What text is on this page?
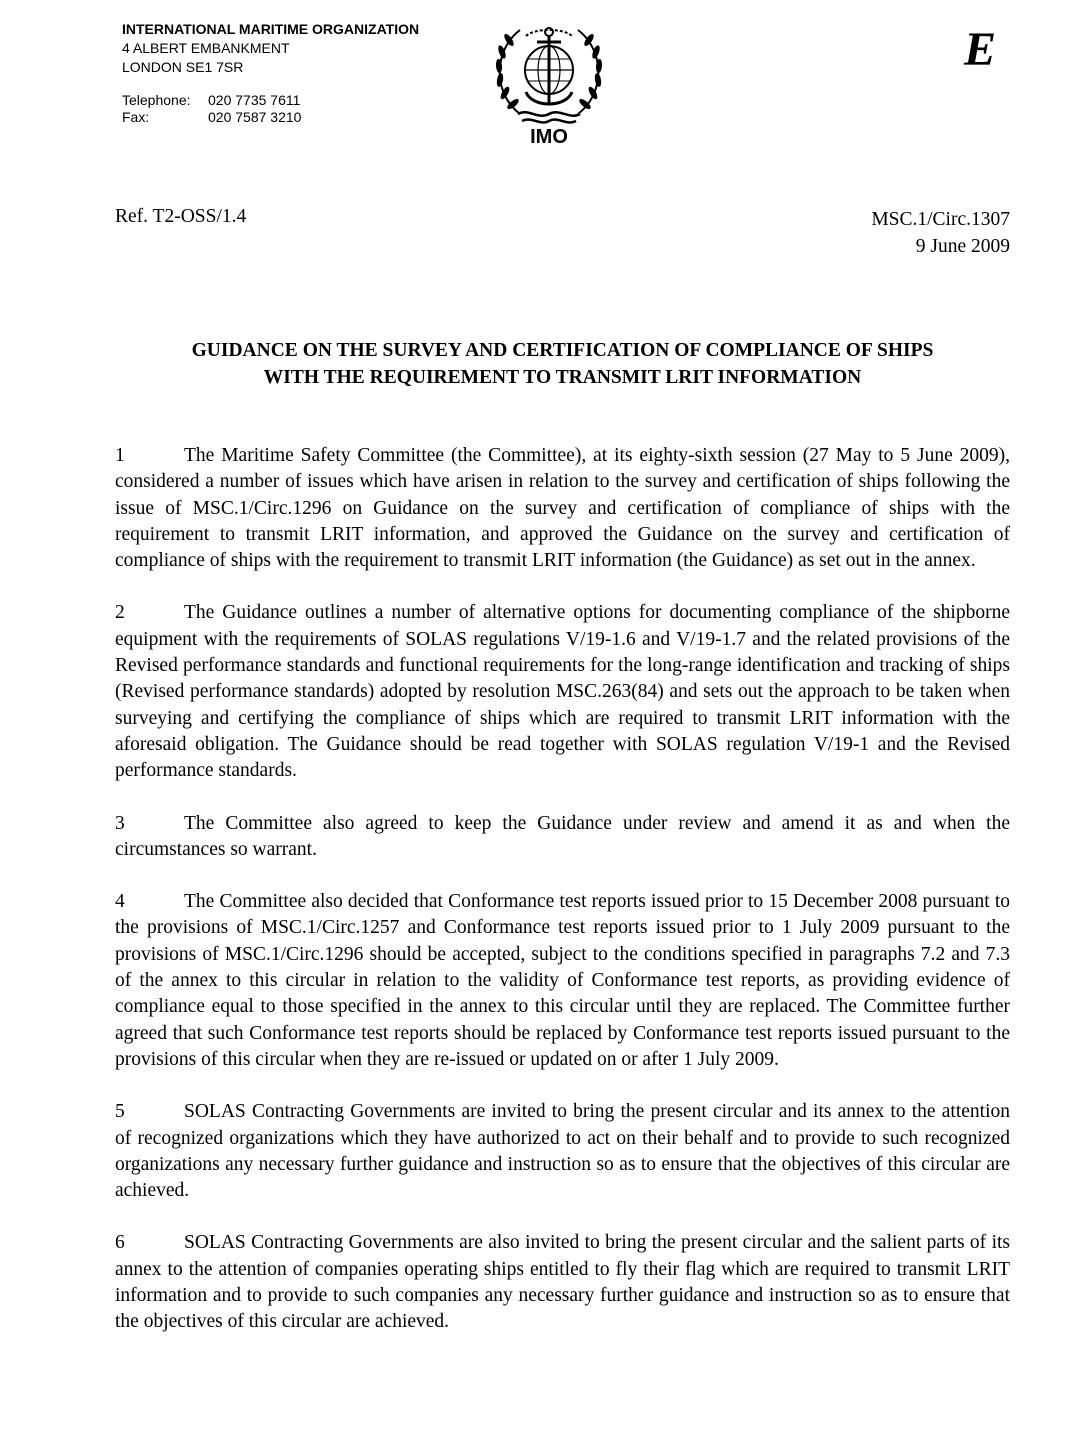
INTERNATIONAL MARITIME ORGANIZATION
4 ALBERT EMBANKMENT
LONDON SE1 7SR
Telephone:	020 7735 7611
Fax:	020 7587 3210
IMO
E
Ref. T2-OSS/1.4	MSC.1/Circ.1307
9 June 2009
GUIDANCE ON THE SURVEY AND CERTIFICATION OF COMPLIANCE OF SHIPS
WITH THE REQUIREMENT TO TRANSMIT LRIT INFORMATION

1	The Maritime Safety Committee (the Committee), at its eighty-sixth session (27 May to 5 June 2009), considered a number of issues which have arisen in relation to the survey and certification of ships following the issue of MSC.1/Circ.1296 on Guidance on the survey and certification of compliance of ships with the requirement to transmit LRIT information, and approved the Guidance on the survey and certification of compliance of ships with the requirement to transmit LRIT information (the Guidance) as set out in the annex.

2	The Guidance outlines a number of alternative options for documenting compliance of the shipborne equipment with the requirements of SOLAS regulations V/19-1.6 and V/19-1.7 and the related provisions of the Revised performance standards and functional requirements for the long-range identification and tracking of ships (Revised performance standards) adopted by resolution MSC.263(84) and sets out the approach to be taken when surveying and certifying the compliance of ships which are required to transmit LRIT information with the aforesaid obligation. The Guidance should be read together with SOLAS regulation V/19-1 and the Revised performance standards.

3	The Committee also agreed to keep the Guidance under review and amend it as and when the circumstances so warrant.

4	The Committee also decided that Conformance test reports issued prior to 15 December 2008 pursuant to the provisions of MSC.1/Circ.1257 and Conformance test reports issued prior to 1 July 2009 pursuant to the provisions of MSC.1/Circ.1296 should be accepted, subject to the conditions specified in paragraphs 7.2 and 7.3 of the annex to this circular in relation to the validity of Conformance test reports, as providing evidence of compliance equal to those specified in the annex to this circular until they are replaced. The Committee further agreed that such Conformance test reports should be replaced by Conformance test reports issued pursuant to the provisions of this circular when they are re-issued or updated on or after 1 July 2009.

5	SOLAS Contracting Governments are invited to bring the present circular and its annex to the attention of recognized organizations which they have authorized to act on their behalf and to provide to such recognized organizations any necessary further guidance and instruction so as to ensure that the objectives of this circular are achieved.

6	SOLAS Contracting Governments are also invited to bring the present circular and the salient parts of its annex to the attention of companies operating ships entitled to fly their flag which are required to transmit LRIT information and to provide to such companies any necessary further guidance and instruction so as to ensure that the objectives of this circular are achieved.
